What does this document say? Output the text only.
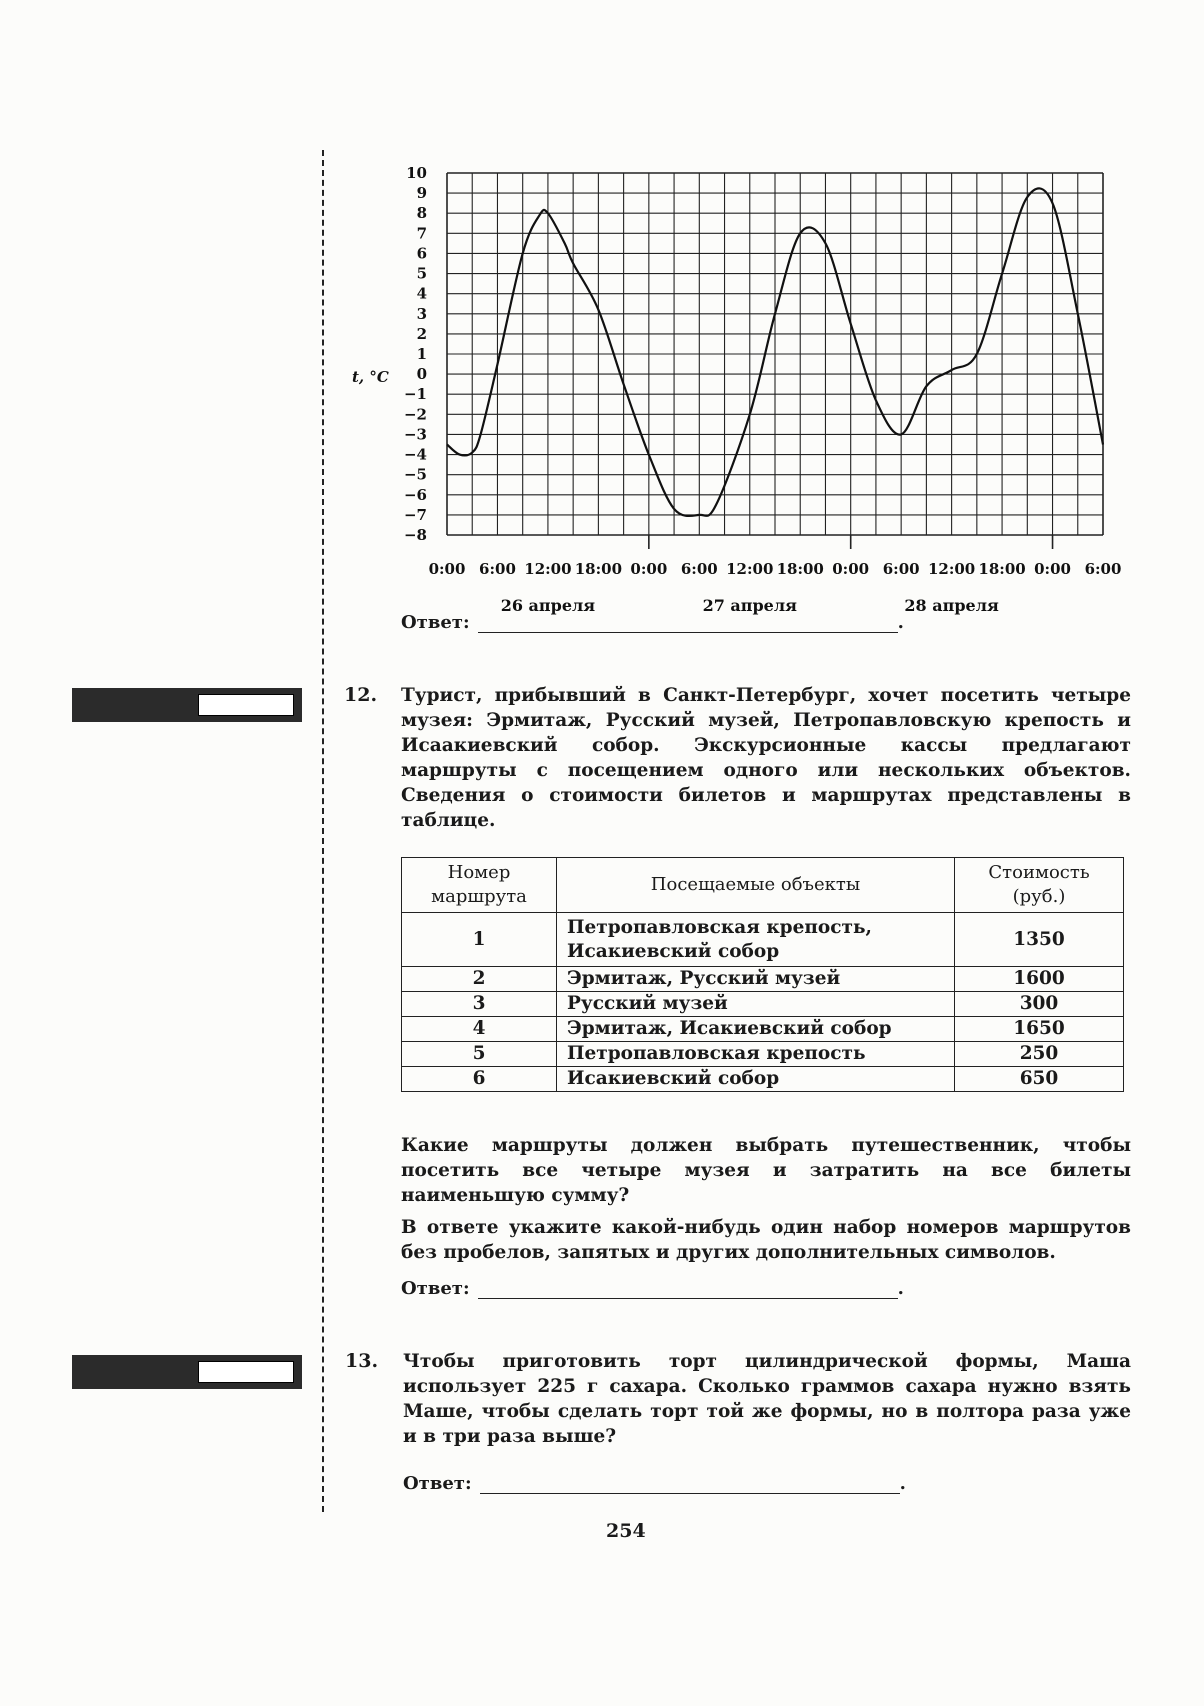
10
9
8
7
6
5
4
3
2
1
0
−1
−2
−3
−4
−5
−6
−7
−8
0:00 6:00 12:00 18:00 0:00 6:00 12:00 18:00 0:00 6:00 12:00 18:00 0:00 6:00
26 апреля	27 апреля	28 апреля
t, °C
Ответ:	.
12. Турист, прибывший в Санкт-Петербург, хочет посетить четыре музея: Эрмитаж, Русский музей, Петропавловскую крепость и Исаакиевский собор. Экскурсионные кассы предлагают маршруты с посещением одного или нескольких объектов. Сведения о стоимости билетов и маршрутах представлены в таблице.

Номер маршрута	Посещаемые объекты	Стоимость (руб.)
1	Петропавловская крепость, Исакиевский собор	1350
2	Эрмитаж, Русский музей	1600
3	Русский музей	300
4	Эрмитаж, Исакиевский собор	1650
5	Петропавловская крепость	250
6	Исакиевский собор	650

Какие маршруты должен выбрать путешественник, чтобы посетить все четыре музея и затратить на все билеты наименьшую сумму?

В ответе укажите какой-нибудь один набор номеров маршрутов без пробелов, запятых и других дополнительных символов.

Ответ:	.
13. Чтобы приготовить торт цилиндрической формы, Маша использует 225 г сахара. Сколько граммов сахара нужно взять Маше, чтобы сделать торт той же формы, но в полтора раза уже и в три раза выше?

Ответ:	.
254
